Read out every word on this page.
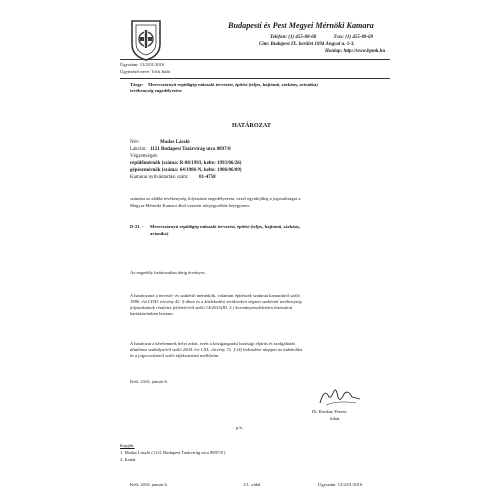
Budapesti és Pest Megyei Mérnöki Kamara
Telefon: (1) 455-88-60	Fax: (1) 455-88-69
Cím: Budapest IX. kerület 1094 Angyal u. 1-3.
Honlap: http://www.bpmk.hu
Ügyszám: 13/2/01/2016
Ügyintéző neve: Tóth Judit
Tárgy: Merevszárnyú repülőgép műszaki tervezési, építési (teljes, hajtómű, sárkány, avionika)
tevékenység engedélyezése
HATÁROZAT
Név:	Madas László
Lakcím: 1121 Budapest Tatárvirág utca 8897/8
Végzettségek:
repülőmérnök (száma: R-88/1993, kelte: 1993/06/26)
gépészmérnök (száma: 64/1986-N, kelte: 1986/06/09)
Kamarai nyilvántartási szám: 01-4758
számára az alábbi tevékenység folytatását engedélyezem, ezzel egyidejűleg a jogosultságot a
Magyar Mérnöki Kamara által vezetett névjegyzékbe bejegyzem:
D-21. - Merevszárnyú repülőgép műszaki tervezési, építési (teljes, hajtómű, sárkány,
avionika)
Az engedély határozatlan ideig érvényes.
A határozatot a tervező- és szakértő mérnökök, valamint építészek szakmai kamaráiról szóló
1996. évi LVIII. törvény 42. §-ában és a közlekedési területeken végzett szakértői tevékenység
folytatásának részletes feltételeiről szóló 14/2010(III. 5.) kormányrendeletben biztosított
hatáskörömben hoztam.
A határozat a kérelemnek helyt adott, ezért a közigazgatási hatósági eljárás és szolgáltatás
általános szabályairól szóló 2004. évi CXL. törvény 72. § (4) bekezdése alapján az indokolást
és a jogorvoslatról szóló tájékoztatást mellőzöm.
Kelt: 2316. január 6.
Dr. Ronkay Ferenc
titkár
p.h.
Kapják:
1. Madas László (1121 Budapest Tatárvirág utca 8897/8 )
2. Irattár
Kelt: 2016. január 6.	1/1. oldal	Ügyszám: 13/2/01/2016
